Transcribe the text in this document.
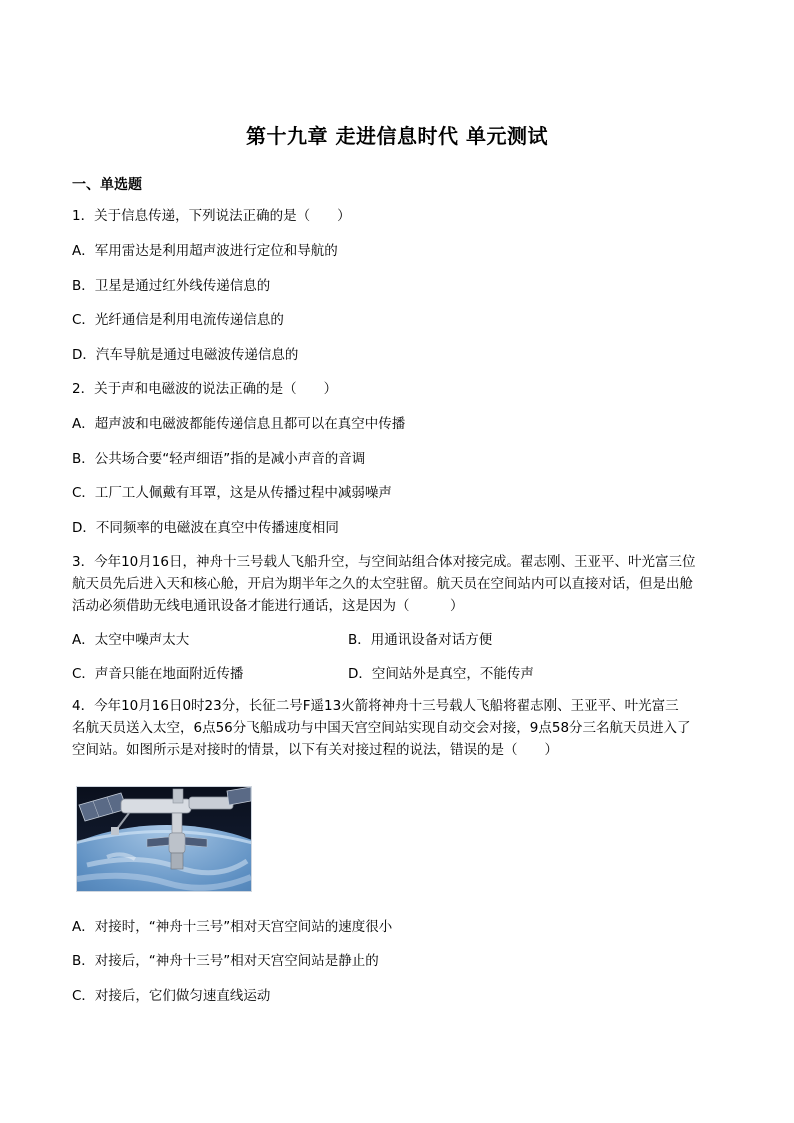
第十九章 走进信息时代 单元测试
一、单选题
1．关于信息传递，下列说法正确的是（　　）
A．军用雷达是利用超声波进行定位和导航的
B．卫星是通过红外线传递信息的
C．光纤通信是利用电流传递信息的
D．汽车导航是通过电磁波传递信息的
2．关于声和电磁波的说法正确的是（　　）
A．超声波和电磁波都能传递信息且都可以在真空中传播
B．公共场合要“轻声细语”指的是减小声音的音调
C．工厂工人佩戴有耳罩，这是从传播过程中减弱噪声
D．不同频率的电磁波在真空中传播速度相同
3．今年10月16日，神舟十三号载人飞船升空，与空间站组合体对接完成。翟志刚、王亚平、叶光富三位
航天员先后进入天和核心舱，开启为期半年之久的太空驻留。航天员在空间站内可以直接对话，但是出舱
活动必须借助无线电通讯设备才能进行通话，这是因为（　　　）
A．太空中噪声太大	B．用通讯设备对话方便
C．声音只能在地面附近传播	D．空间站外是真空，不能传声
4．今年10月16日0时23分，长征二号F遥13火箭将神舟十三号载人飞船将翟志刚、王亚平、叶光富三
名航天员送入太空，6点56分飞船成功与中国天宫空间站实现自动交会对接，9点58分三名航天员进入了
空间站。如图所示是对接时的情景，以下有关对接过程的说法，错误的是（　　）
A．对接时，“神舟十三号”相对天宫空间站的速度很小
B．对接后，“神舟十三号”相对天宫空间站是静止的
C．对接后，它们做匀速直线运动
